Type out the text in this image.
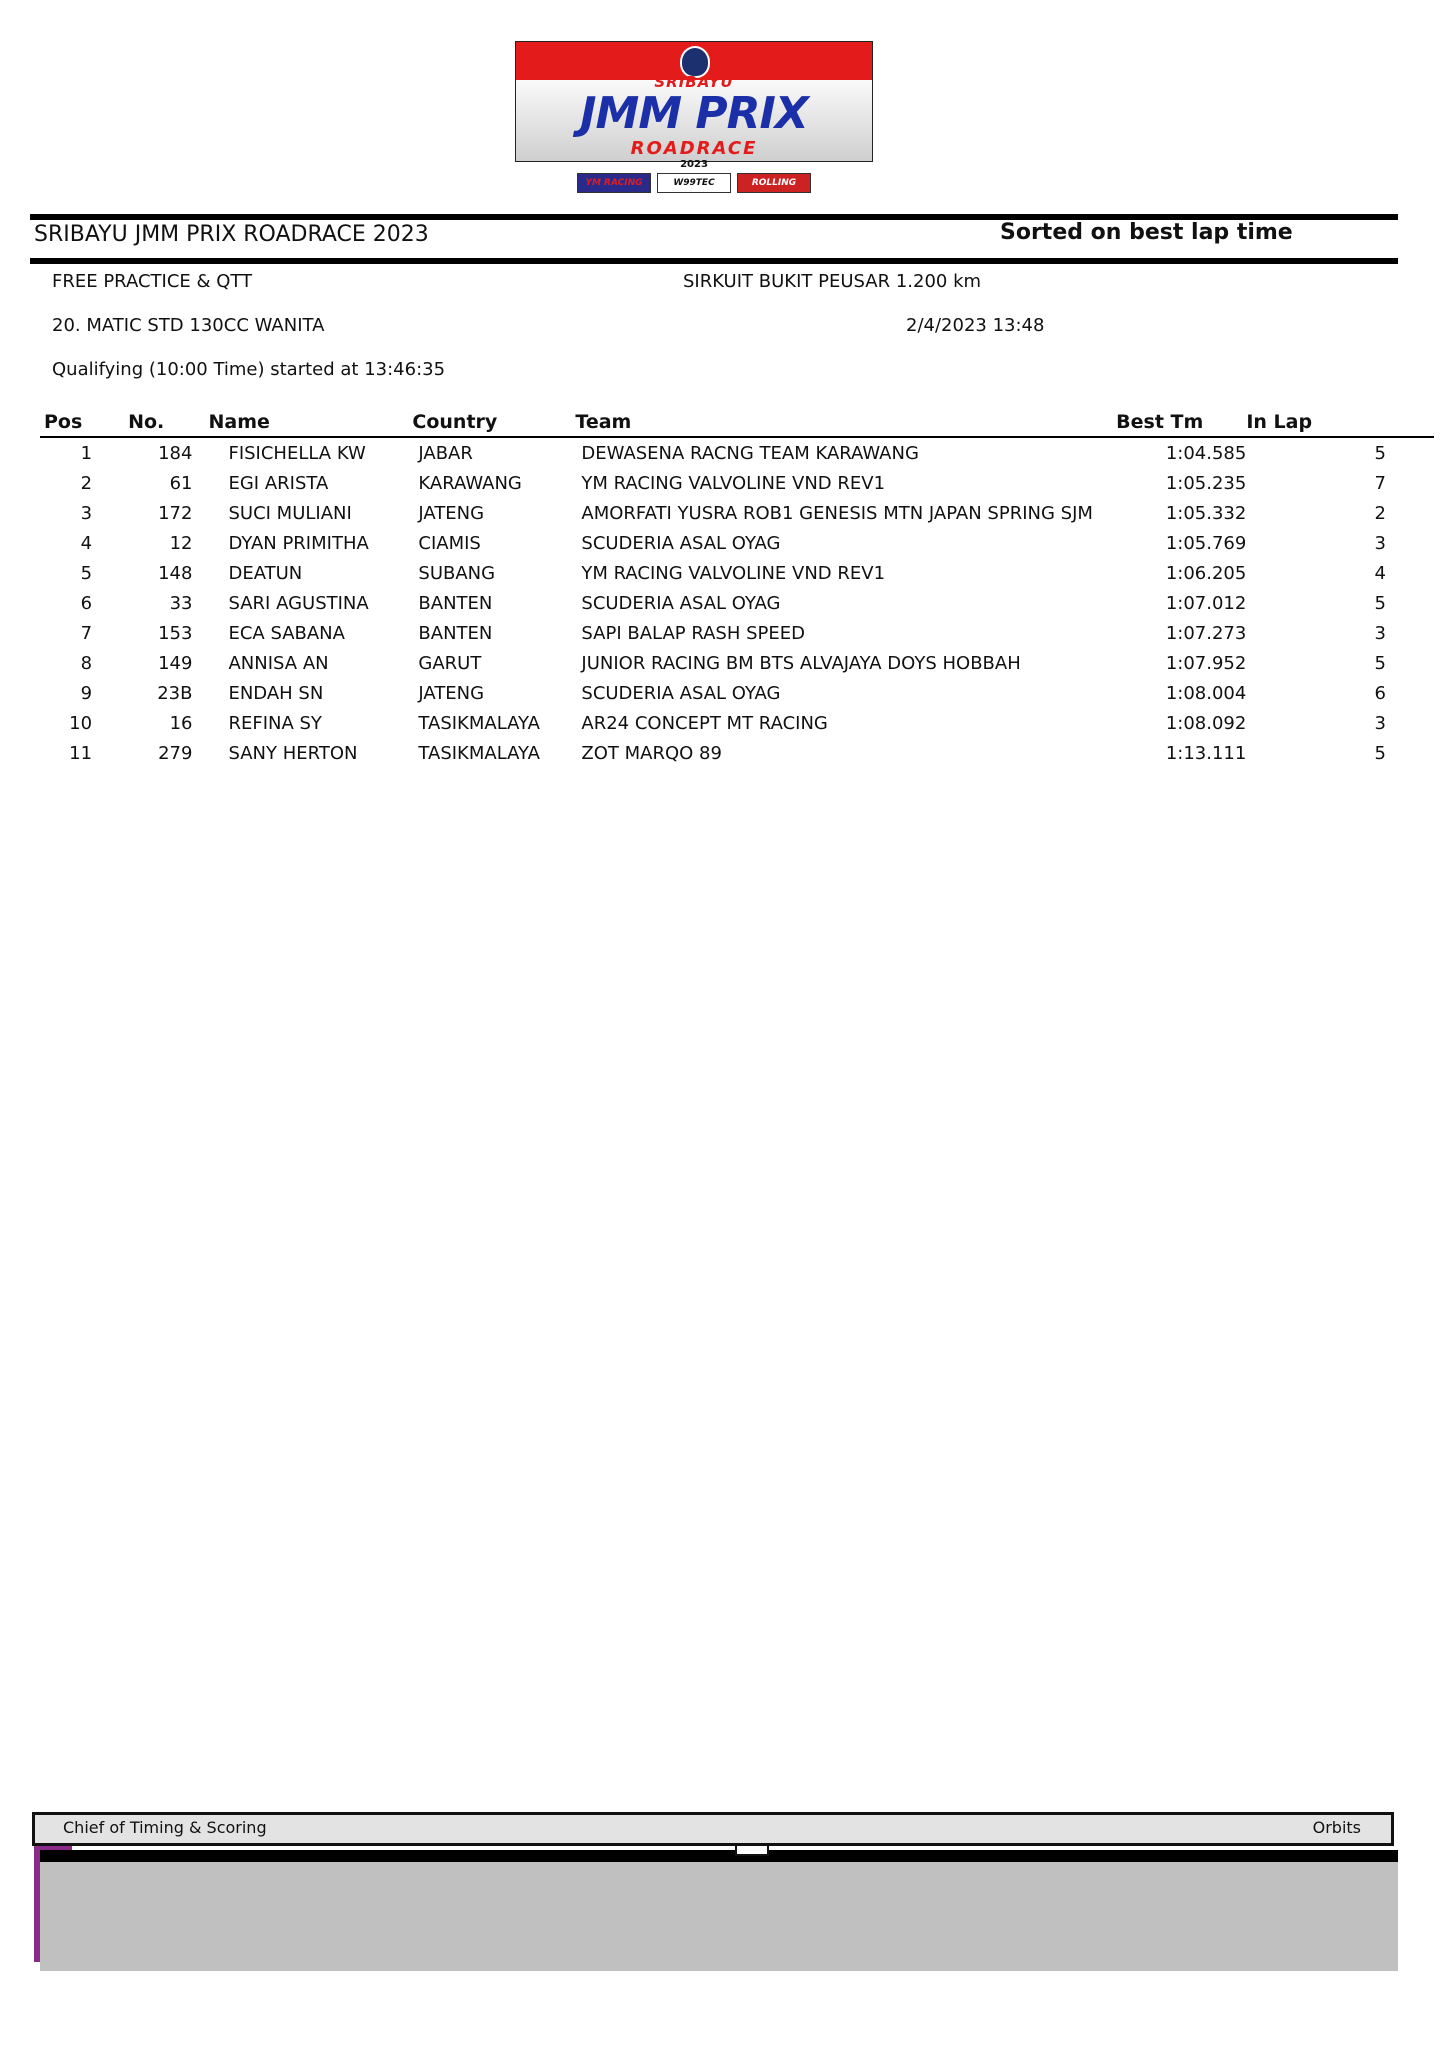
SRIBAYU
JMM PRIX
ROADRACE
2023
YM RACING	W99TEC	ROLLING SPEED
SRIBAYU JMM PRIX ROADRACE 2023	Sorted on best lap time
FREE PRACTICE & QTT	SIRKUIT BUKIT PEUSAR 1.200 km
20. MATIC STD 130CC WANITA	2/4/2023 13:48
Qualifying (10:00 Time) started at 13:46:35
Pos	No.	Name	Country	Team	Best Tm	In Lap
1	184	FISICHELLA KW	JABAR	DEWASENA RACNG TEAM KARAWANG	1:04.585	5
2	61	EGI ARISTA	KARAWANG	YM RACING VALVOLINE VND REV1	1:05.235	7
3	172	SUCI MULIANI	JATENG	AMORFATI YUSRA ROB1 GENESIS MTN JAPAN SPRING SJM	1:05.332	2
4	12	DYAN PRIMITHA	CIAMIS	SCUDERIA ASAL OYAG	1:05.769	3
5	148	DEATUN	SUBANG	YM RACING VALVOLINE VND REV1	1:06.205	4
6	33	SARI AGUSTINA	BANTEN	SCUDERIA ASAL OYAG	1:07.012	5
7	153	ECA SABANA	BANTEN	SAPI BALAP RASH SPEED	1:07.273	3
8	149	ANNISA AN	GARUT	JUNIOR RACING BM BTS ALVAJAYA DOYS HOBBAH	1:07.952	5
9	23B	ENDAH SN	JATENG	SCUDERIA ASAL OYAG	1:08.004	6
10	16	REFINA SY	TASIKMALAYA	AR24 CONCEPT MT RACING	1:08.092	3
11	279	SANY HERTON	TASIKMALAYA	ZOT MARQO 89	1:13.111	5
Chief of Timing & Scoring	Orbits
